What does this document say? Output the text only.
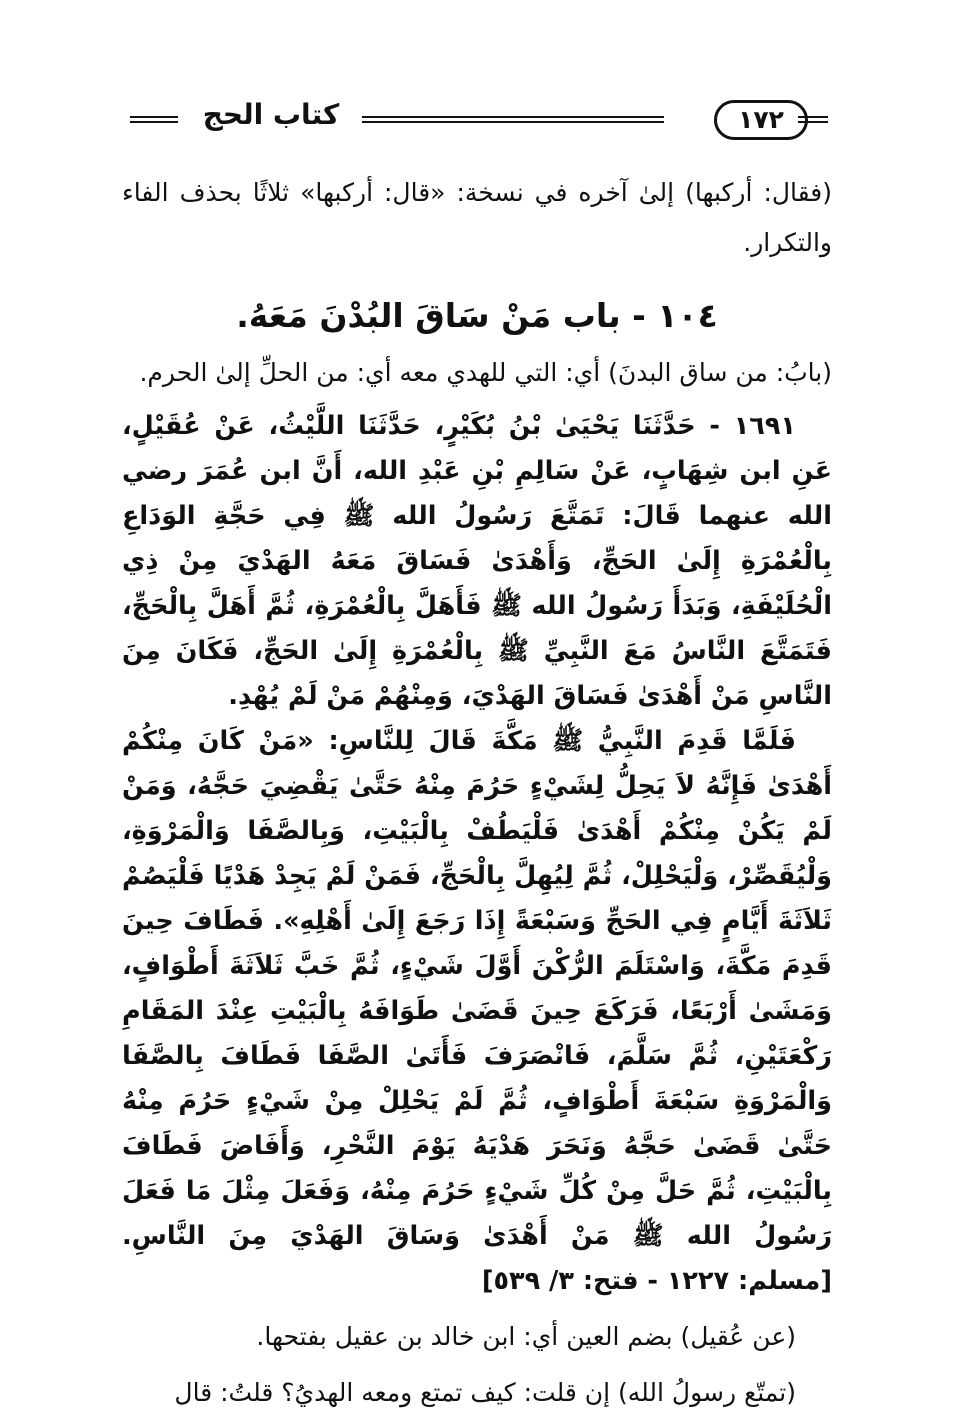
كتاب الحج	١٧٢

(فقال: أركبها) إلىٰ آخره في نسخة: «قال: أركبها» ثلاثًا بحذف الفاء والتكرار.

١٠٤ - باب مَنْ سَاقَ البُدْنَ مَعَهُ.

(بابُ: من ساق البدنَ) أي: التي للهدي معه أي: من الحلِّ إلىٰ الحرم.

١٦٩١ - حَدَّثَنَا يَحْيَىٰ بْنُ بُكَيْرٍ، حَدَّثَنَا اللَّيْثُ، عَنْ عُقَيْلٍ، عَنِ ابن شِهَابٍ، عَنْ سَالِمِ بْنِ عَبْدِ الله، أَنَّ ابن عُمَرَ رضي الله عنهما قَالَ: تَمَتَّعَ رَسُولُ الله ﷺ فِي حَجَّةِ الوَدَاعِ بِالْعُمْرَةِ إِلَىٰ الحَجِّ، وَأَهْدَىٰ فَسَاقَ مَعَهُ الهَدْيَ مِنْ ذِي الْحُلَيْفَةِ، وَبَدَأَ رَسُولُ الله ﷺ فَأَهَلَّ بِالْعُمْرَةِ، ثُمَّ أَهَلَّ بِالْحَجِّ، فَتَمَتَّعَ النَّاسُ مَعَ النَّبِيِّ ﷺ بِالْعُمْرَةِ إِلَىٰ الحَجِّ، فَكَانَ مِنَ النَّاسِ مَنْ أَهْدَىٰ فَسَاقَ الهَدْيَ، وَمِنْهُمْ مَنْ لَمْ يُهْدِ.

فَلَمَّا قَدِمَ النَّبِيُّ ﷺ مَكَّةَ قَالَ لِلنَّاسِ: «مَنْ كَانَ مِنْكُمْ أَهْدَىٰ فَإِنَّهُ لاَ يَحِلُّ لِشَيْءٍ حَرُمَ مِنْهُ حَتَّىٰ يَقْضِيَ حَجَّهُ، وَمَنْ لَمْ يَكُنْ مِنْكُمْ أَهْدَىٰ فَلْيَطُفْ بِالْبَيْتِ، وَبِالصَّفَا وَالْمَرْوَةِ، وَلْيُقَصِّرْ، وَلْيَحْلِلْ، ثُمَّ لِيُهِلَّ بِالْحَجِّ، فَمَنْ لَمْ يَجِدْ هَدْيًا فَلْيَصُمْ ثَلاَثَةَ أَيَّامٍ فِي الحَجِّ وَسَبْعَةً إِذَا رَجَعَ إِلَىٰ أَهْلِهِ». فَطَافَ حِينَ قَدِمَ مَكَّةَ، وَاسْتَلَمَ الرُّكْنَ أَوَّلَ شَيْءٍ، ثُمَّ خَبَّ ثَلاَثَةَ أَطْوَافٍ، وَمَشَىٰ أَرْبَعًا، فَرَكَعَ حِينَ قَضَىٰ طَوَافَهُ بِالْبَيْتِ عِنْدَ المَقَامِ رَكْعَتَيْنِ، ثُمَّ سَلَّمَ، فَانْصَرَفَ فَأَتَىٰ الصَّفَا فَطَافَ بِالصَّفَا وَالْمَرْوَةِ سَبْعَةَ أَطْوَافٍ، ثُمَّ لَمْ يَحْلِلْ مِنْ شَيْءٍ حَرُمَ مِنْهُ حَتَّىٰ قَضَىٰ حَجَّهُ وَنَحَرَ هَدْيَهُ يَوْمَ النَّحْرِ، وَأَفَاضَ فَطَافَ بِالْبَيْتِ، ثُمَّ حَلَّ مِنْ كُلِّ شَيْءٍ حَرُمَ مِنْهُ، وَفَعَلَ مِثْلَ مَا فَعَلَ رَسُولُ الله ﷺ مَنْ أَهْدَىٰ وَسَاقَ الهَدْيَ مِنَ النَّاسِ. [مسلم: ١٢٢٧ - فتح: ٣/ ٥٣٩]

(عن عُقيل) بضم العين أي: ابن خالد بن عقيل بفتحها.

(تمتّع رسولُ الله) إن قلت: كيف تمتع ومعه الهديُ؟ قلتُ: قال
